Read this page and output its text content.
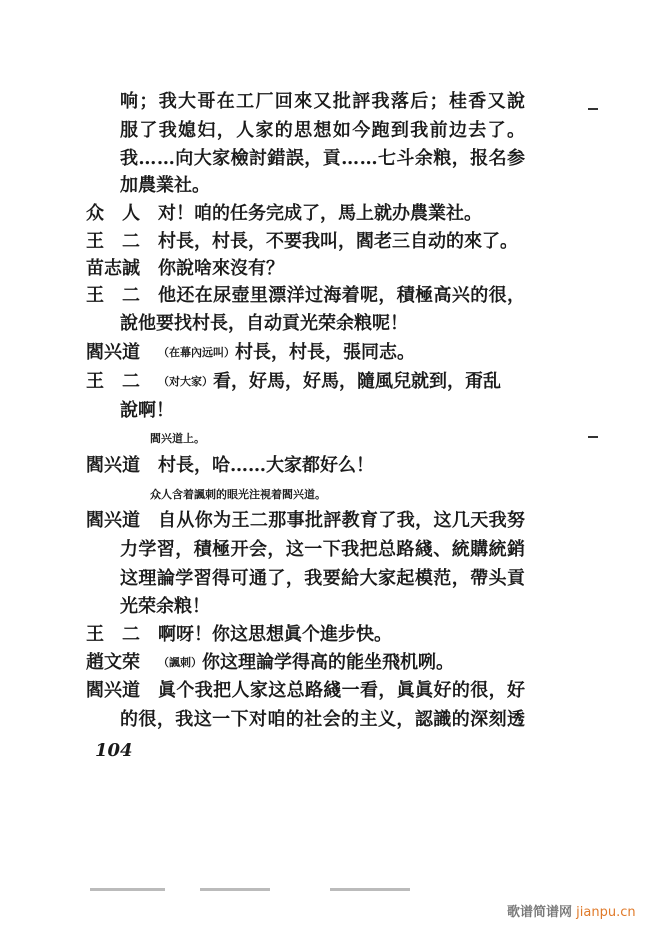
响；我大哥在工厂回來又批評我落后；桂香又說
服了我媳妇，人家的思想如今跑到我前边去了。
我……向大家檢討錯誤，貢……七斗余粮，报名参
加農業社。
众　人	对！咱的任务完成了，馬上就办農業社。
王　二	村長，村長，不要我叫，閻老三自动的來了。
苗志誠	你說啥來沒有？
王　二	他还在尿壺里漂洋过海着呢，積極高兴的很，
說他要找村長，自动貢光荣余粮呢！
閻兴道	（在幕內远叫）村長，村長，張同志。
王　二	（对大家）看，好馬，好馬，隨風兒就到，甭乱
說啊！
閻兴道上。
閻兴道	村長，哈……大家都好么！
众人含着諷刺的眼光注視着閻兴道。
閻兴道	自从你为王二那事批評教育了我，这几天我努
力学習，積極开会，这一下我把总路綫、統購統銷
这理論学習得可通了，我要給大家起模范，帶头貢
光荣余粮！
王　二	啊呀！你这思想眞个進步快。
趙文荣	（諷刺）你这理論学得高的能坐飛机咧。
閻兴道	眞个我把人家这总路綫一看，眞眞好的很，好
的很，我这一下对咱的社会的主义，認識的深刻透
104
歌谱简谱网 jianpu.cn
